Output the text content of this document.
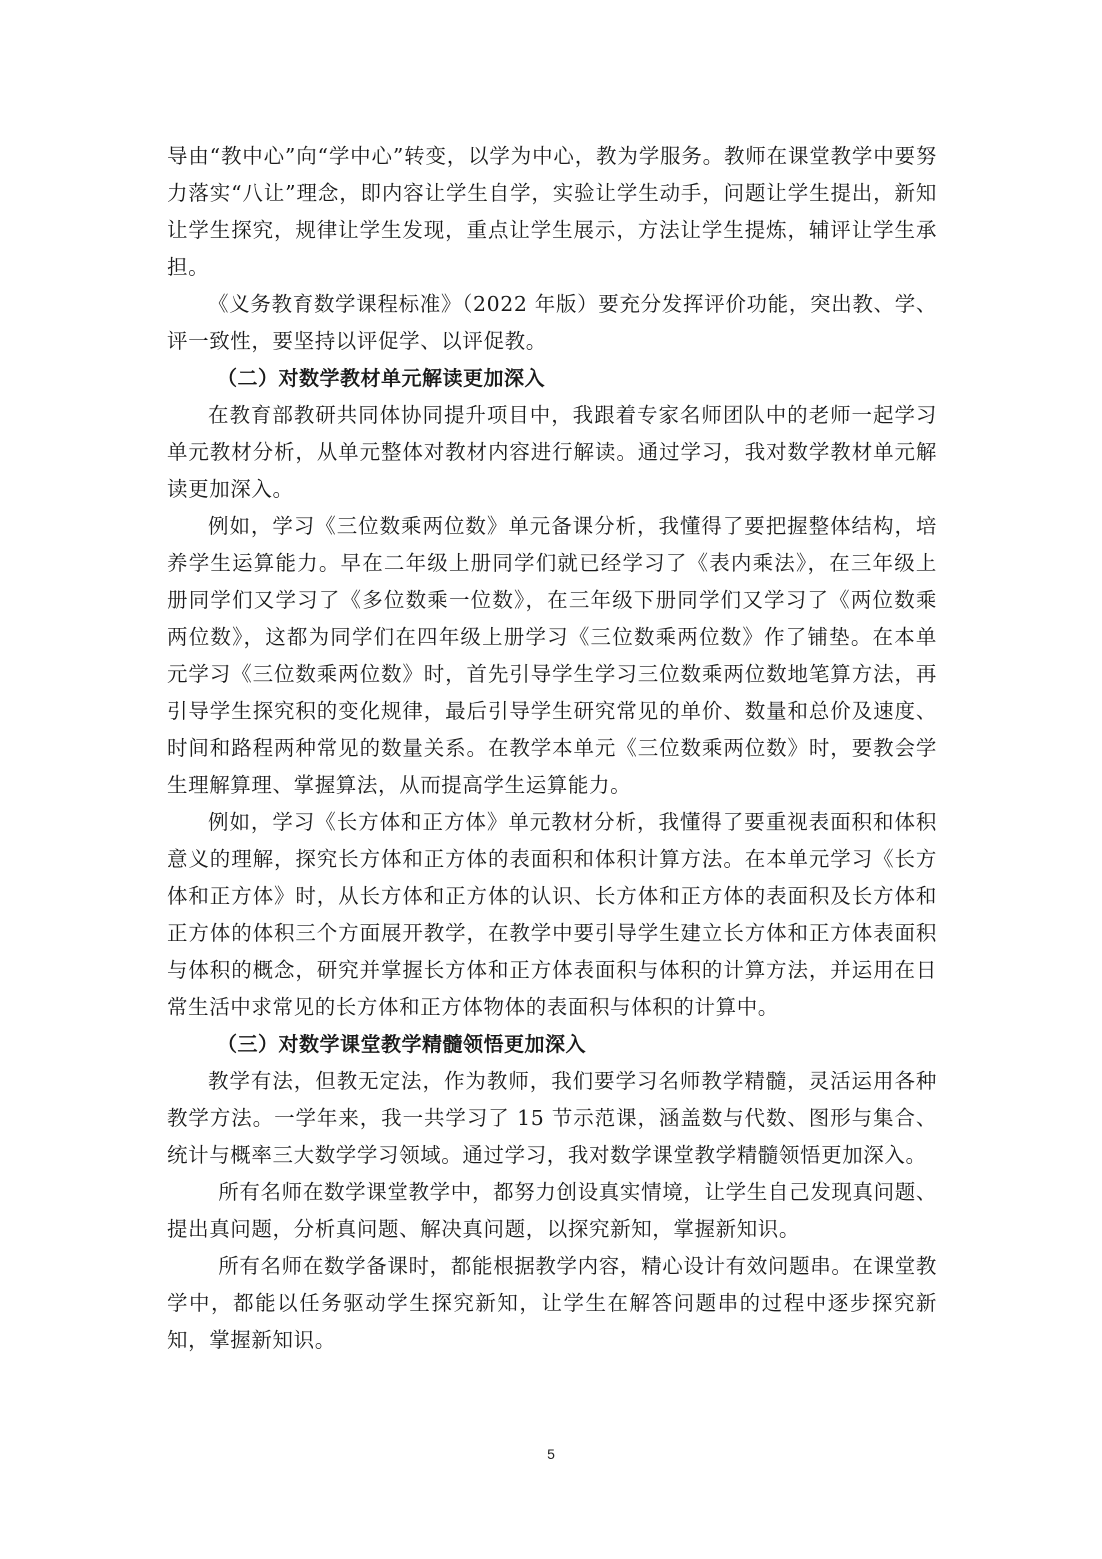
导由“教中心”向“学中心”转变，以学为中心，教为学服务。教师在课堂教学中要努力落实“八让”理念，即内容让学生自学，实验让学生动手，问题让学生提出，新知让学生探究，规律让学生发现，重点让学生展示，方法让学生提炼，辅评让学生承担。

《义务教育数学课程标准》（2022 年版）要充分发挥评价功能，突出教、学、评一致性，要坚持以评促学、以评促教。

（二）对数学教材单元解读更加深入

在教育部教研共同体协同提升项目中，我跟着专家名师团队中的老师一起学习单元教材分析，从单元整体对教材内容进行解读。通过学习，我对数学教材单元解读更加深入。

例如，学习《三位数乘两位数》单元备课分析，我懂得了要把握整体结构，培养学生运算能力。早在二年级上册同学们就已经学习了《表内乘法》，在三年级上册同学们又学习了《多位数乘一位数》，在三年级下册同学们又学习了《两位数乘两位数》，这都为同学们在四年级上册学习《三位数乘两位数》作了铺垫。在本单元学习《三位数乘两位数》时，首先引导学生学习三位数乘两位数地笔算方法，再引导学生探究积的变化规律，最后引导学生研究常见的单价、数量和总价及速度、时间和路程两种常见的数量关系。在教学本单元《三位数乘两位数》时，要教会学生理解算理、掌握算法，从而提高学生运算能力。

例如，学习《长方体和正方体》单元教材分析，我懂得了要重视表面积和体积意义的理解，探究长方体和正方体的表面积和体积计算方法。在本单元学习《长方体和正方体》时，从长方体和正方体的认识、长方体和正方体的表面积及长方体和正方体的体积三个方面展开教学，在教学中要引导学生建立长方体和正方体表面积与体积的概念，研究并掌握长方体和正方体表面积与体积的计算方法，并运用在日常生活中求常见的长方体和正方体物体的表面积与体积的计算中。

（三）对数学课堂教学精髓领悟更加深入

教学有法，但教无定法，作为教师，我们要学习名师教学精髓，灵活运用各种教学方法。一学年来，我一共学习了 15 节示范课，涵盖数与代数、图形与集合、统计与概率三大数学学习领域。通过学习，我对数学课堂教学精髓领悟更加深入。

所有名师在数学课堂教学中，都努力创设真实情境，让学生自己发现真问题、提出真问题，分析真问题、解决真问题，以探究新知，掌握新知识。

所有名师在数学备课时，都能根据教学内容，精心设计有效问题串。在课堂教学中，都能以任务驱动学生探究新知，让学生在解答问题串的过程中逐步探究新知，掌握新知识。

5
